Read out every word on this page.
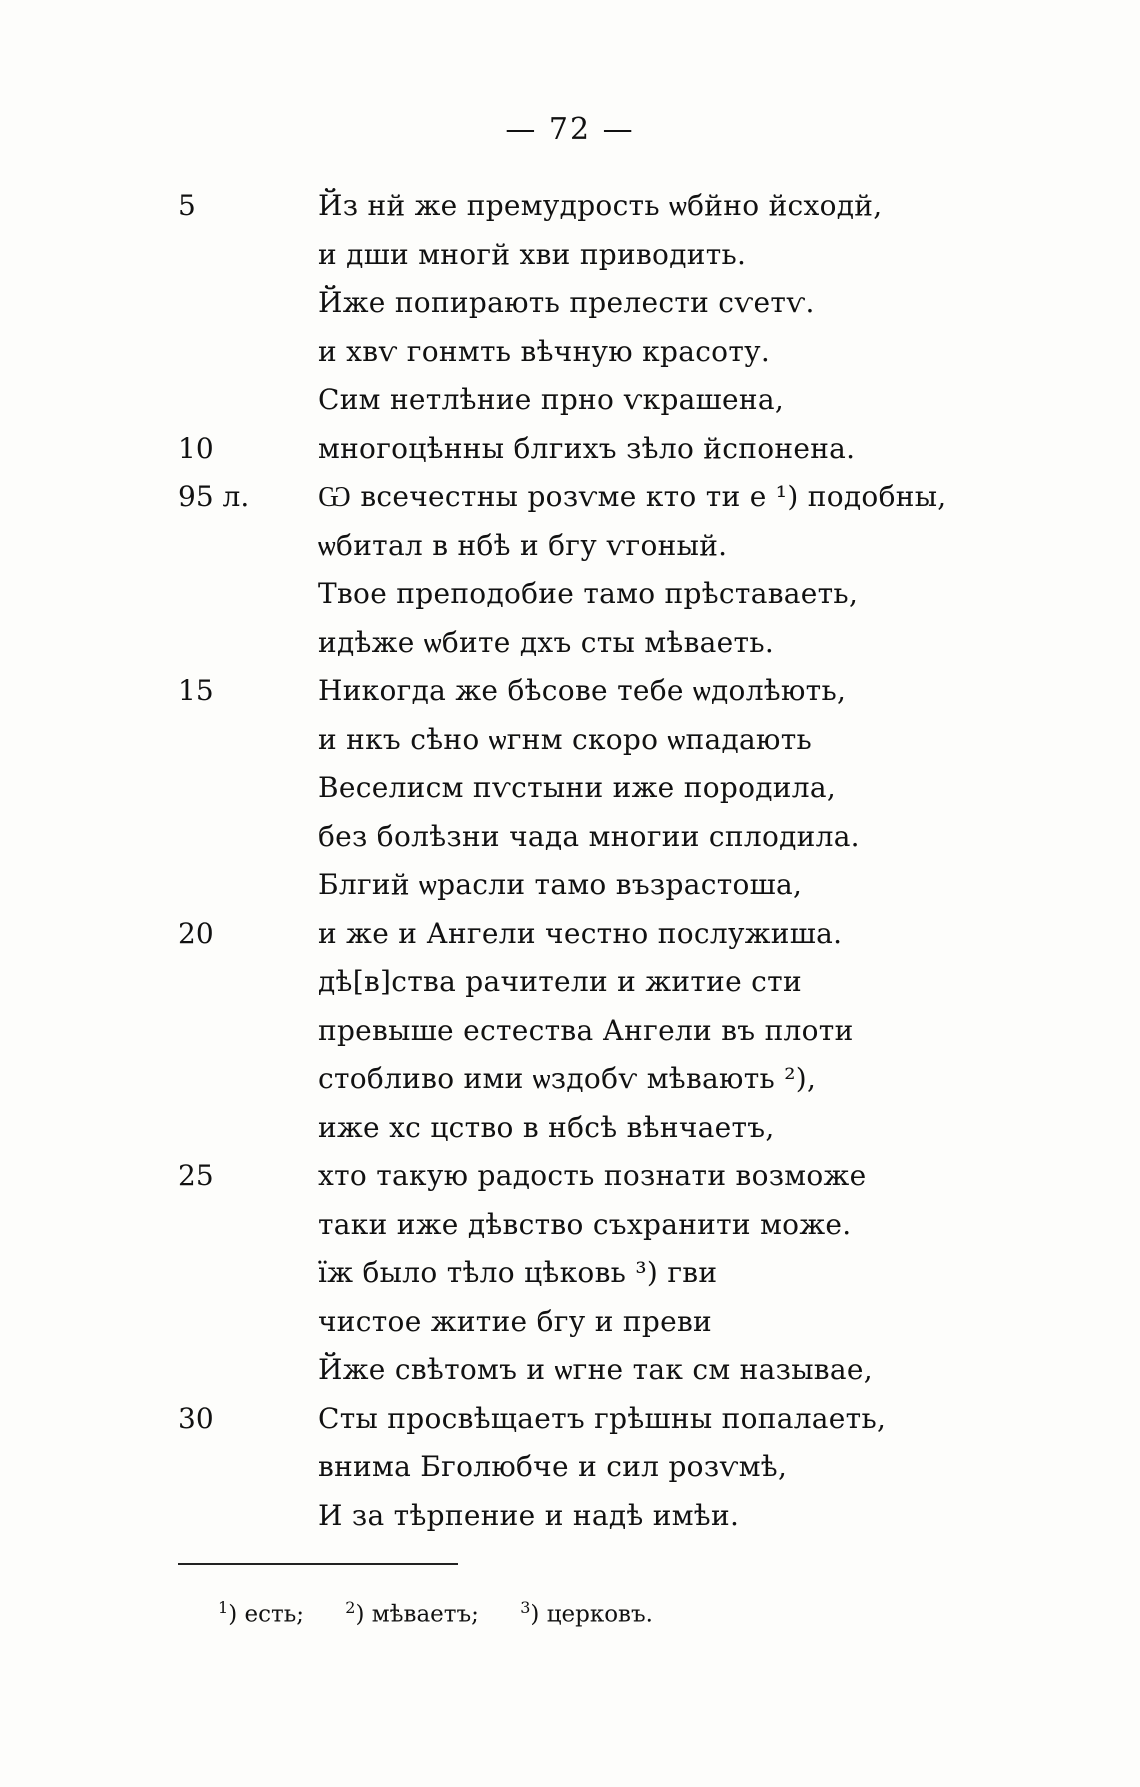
— 72 —
5	Йз нй же премудрость ѡбйно йсходй,
и дши многй хви приводить.
Йже попирають прелести сѵетѵ.
и хвѵ гонмть вѣчную красоту.
Сим нетлѣние прно ѵкрашена,
10	многоцѣнны блгихъ зѣло йспонена.
95 л.	Ѡ всечестны розѵме кто ти е ¹) подобны,
ѡбитал в нбѣ и бгу ѵгоный.
Твое преподобие тамо прѣставаеть,
идѣже ѡбите дхъ сты мѣваеть.
15	Никогда же бѣсове тебе ѡдолѣють,
и нкъ сѣно ѡгнм скоро ѡпадають
Веселисм пѵстыни иже породила,
без болѣзни чада многии сплодила.
Блгий ѡрасли тамо възрастоша,
20	и же и Ангели честно послужиша.
дѣ[в]ства рачители и житие сти
превыше естества Ангели въ плоти
стобливо ими ѡздобѵ мѣвають ²),
иже хс цство в нбсѣ вѣнчаетъ,
25	хто такую радость познати возможе
таки иже дѣвство съхранити може.
їж было тѣло цѣковь ³) гви
чистое житие бгу и преви
Йже свѣтомъ и ѡгне так см называе,
30	Сты просвѣщаетъ грѣшны попалаеть,
внима Бголюбче и сил розѵмѣ,
И за тѣрпение и надѣ имѣи.
$^1$) есть;	$^2$) мѣваетъ;	$^3$) церковъ.
